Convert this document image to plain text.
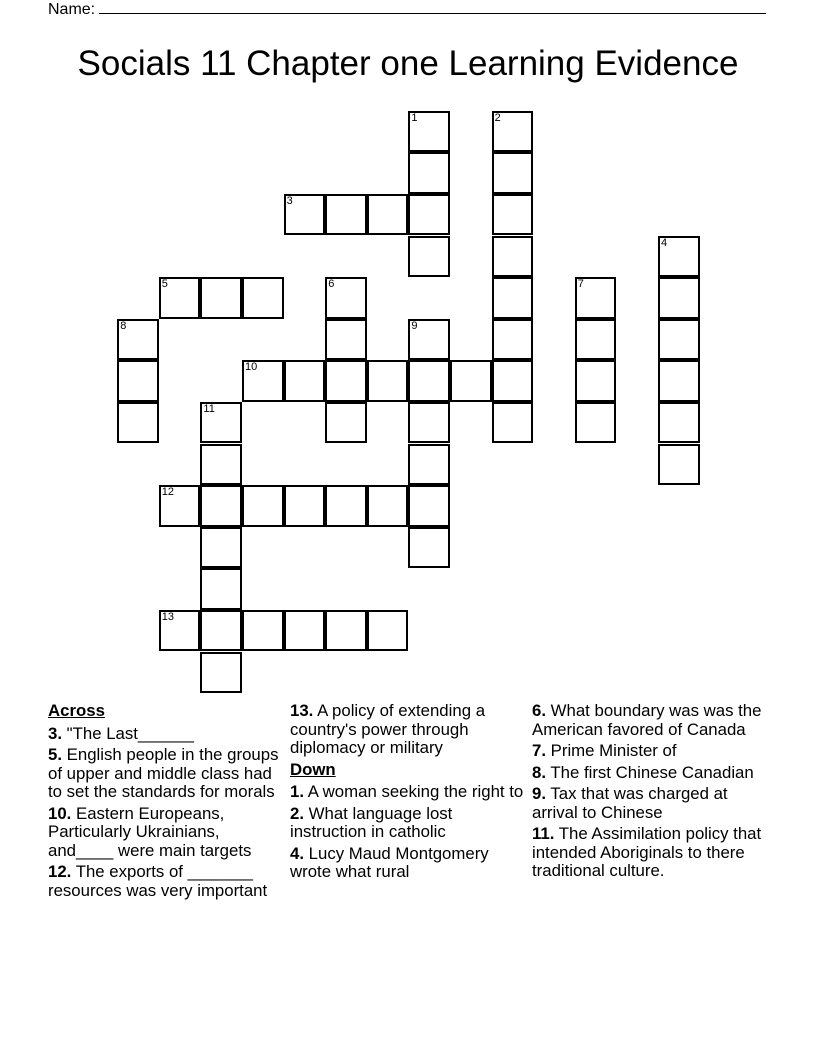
Name:
Socials 11 Chapter one Learning Evidence
1	2
3
4
5	6	7
8	9
10
11
12
13
Across
3. "The Last______
5. English people in the groups of upper and middle class had to set the standards for morals
10. Eastern Europeans, Particularly Ukrainians, and____ were main targets
12. The exports of _______ resources was very important
13. A policy of extending a country's power through diplomacy or military
Down
1. A woman seeking the right to
2. What language lost instruction in catholic
4. Lucy Maud Montgomery wrote what rural
6. What boundary was was the American favored of Canada
7. Prime Minister of
8. The first Chinese Canadian
9. Tax that was charged at arrival to Chinese
11. The Assimilation policy that intended Aboriginals to there traditional culture.
